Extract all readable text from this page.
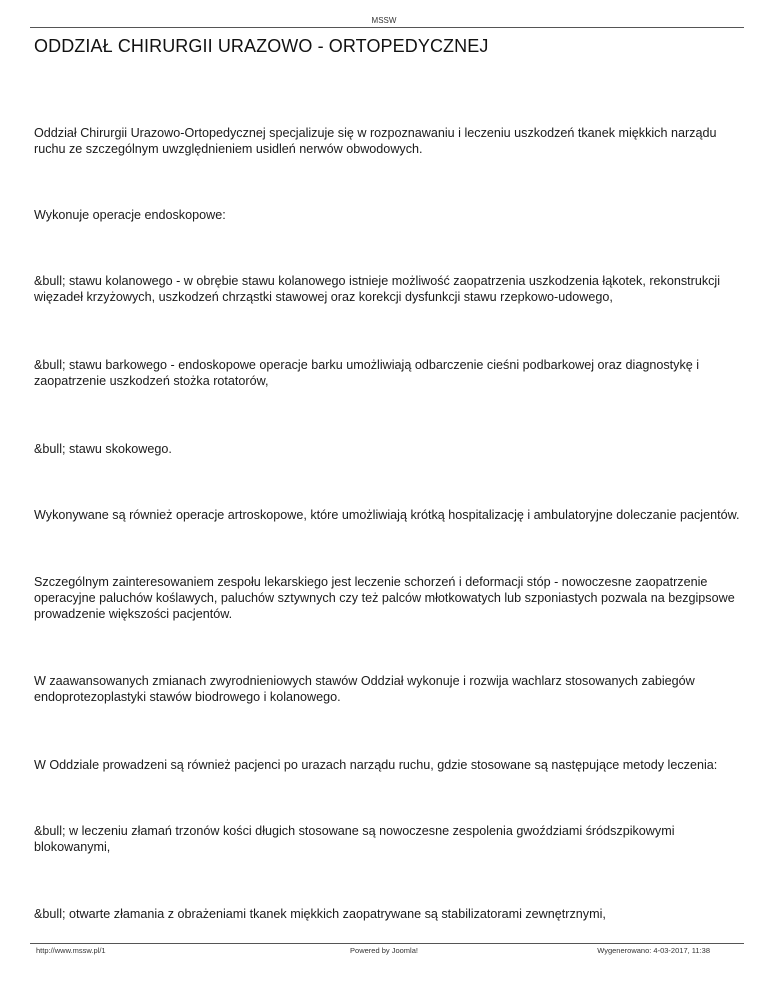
MSSW
ODDZIAŁ CHIRURGII URAZOWO - ORTOPEDYCZNEJ

Oddział Chirurgii Urazowo-Ortopedycznej specjalizuje się w rozpoznawaniu i leczeniu uszkodzeń tkanek miękkich narządu ruchu ze szczególnym uwzględnieniem usidleń nerwów obwodowych.

Wykonuje operacje endoskopowe:

&bull; stawu kolanowego - w obrębie stawu kolanowego istnieje możliwość zaopatrzenia uszkodzenia łąkotek, rekonstrukcji więzadeł krzyżowych, uszkodzeń chrząstki stawowej oraz korekcji dysfunkcji stawu rzepkowo-udowego,

&bull; stawu barkowego - endoskopowe operacje barku umożliwiają odbarczenie cieśni podbarkowej oraz diagnostykę i zaopatrzenie uszkodzeń stożka rotatorów,

&bull; stawu skokowego.

Wykonywane są również operacje artroskopowe, które umożliwiają krótką hospitalizację i ambulatoryjne doleczanie pacjentów.

Szczególnym zainteresowaniem zespołu lekarskiego jest leczenie schorzeń i deformacji stóp - nowoczesne zaopatrzenie operacyjne paluchów koślawych, paluchów sztywnych czy też palców młotkowatych lub szponiastych pozwala na bezgipsowe prowadzenie większości pacjentów.

W zaawansowanych zmianach zwyrodnieniowych stawów Oddział wykonuje i rozwija wachlarz stosowanych zabiegów endoprotezoplastyki stawów biodrowego i kolanowego.

W Oddziale prowadzeni są również pacjenci po urazach narządu ruchu, gdzie stosowane są następujące metody leczenia:

&bull; w leczeniu złamań trzonów kości długich stosowane są nowoczesne zespolenia gwoździami śródszpikowymi blokowanymi,

&bull; otwarte złamania z obrażeniami tkanek miękkich zaopatrywane są stabilizatorami zewnętrznymi,

http://www.mssw.pl/1	Powered by Joomla!	Wygenerowano: 4-03-2017, 11:38
